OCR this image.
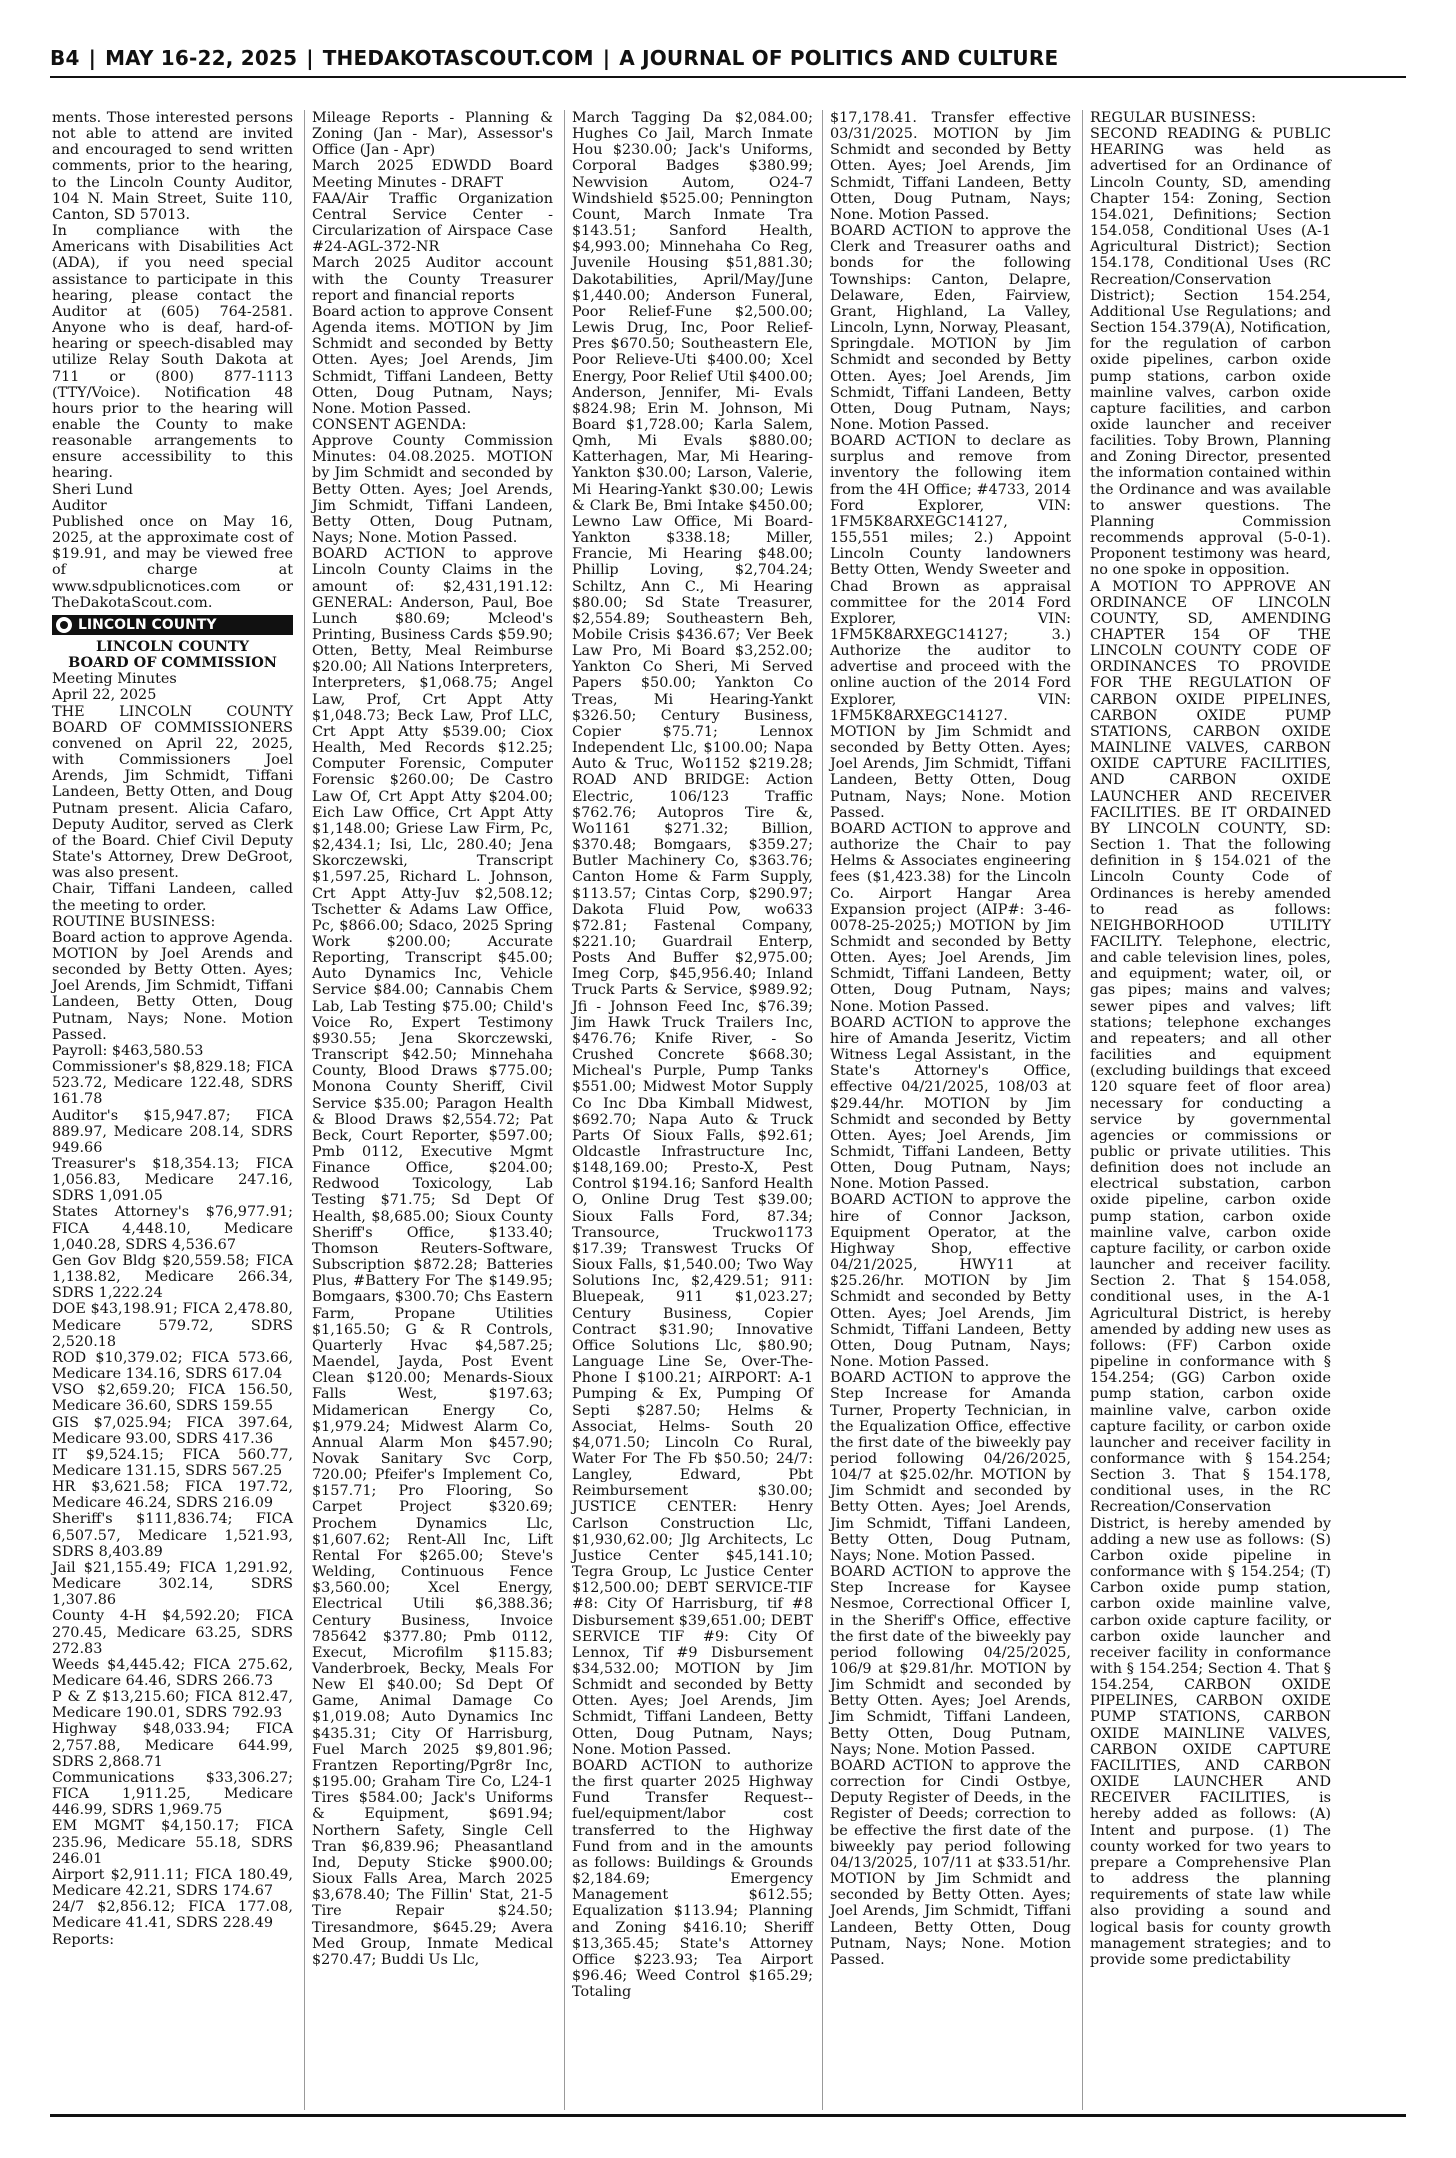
B4 | MAY 16-22, 2025 | THEDAKOTASCOUT.COM | A JOURNAL OF POLITICS AND CULTURE

ments. Those interested persons not able to attend are invited and encouraged to send written comments, prior to the hearing, to the Lincoln County Auditor, 104 N. Main Street, Suite 110, Canton, SD 57013.

In compliance with the Americans with Disabilities Act (ADA), if you need special assistance to participate in this hearing, please contact the Auditor at (605) 764-2581. Anyone who is deaf, hard-of-hearing or speech-disabled may utilize Relay South Dakota at 711 or (800) 877-1113 (TTY/Voice). Notification 48 hours prior to the hearing will enable the County to make reasonable arrangements to ensure accessibility to this hearing.

Sheri Lund

Auditor

Published once on May 16, 2025, at the approximate cost of $19.91, and may be viewed free of charge at www.sdpublicnotices.com or TheDakotaScout.com.

LINCOLN COUNTY

LINCOLN COUNTY

BOARD OF COMMISSION

Meeting Minutes

April 22, 2025

THE LINCOLN COUNTY BOARD OF COMMISSIONERS convened on April 22, 2025, with Commissioners Joel Arends, Jim Schmidt, Tiffani Landeen, Betty Otten, and Doug Putnam present. Alicia Cafaro, Deputy Auditor, served as Clerk of the Board. Chief Civil Deputy State's Attorney, Drew DeGroot, was also present.

Chair, Tiffani Landeen, called the meeting to order.

ROUTINE BUSINESS:

Board action to approve Agenda. MOTION by Joel Arends and seconded by Betty Otten. Ayes; Joel Arends, Jim Schmidt, Tiffani Landeen, Betty Otten, Doug Putnam, Nays; None. Motion Passed.

Payroll: $463,580.53

Commissioner's $8,829.18; FICA 523.72, Medicare 122.48, SDRS 161.78

Auditor's $15,947.87; FICA 889.97, Medicare 208.14, SDRS 949.66

Treasurer's $18,354.13; FICA 1,056.83, Medicare 247.16, SDRS 1,091.05

States Attorney's $76,977.91; FICA 4,448.10, Medicare 1,040.28, SDRS 4,536.67

Gen Gov Bldg $20,559.58; FICA 1,138.82, Medicare 266.34, SDRS 1,222.24

DOE $43,198.91; FICA 2,478.80, Medicare 579.72, SDRS 2,520.18

ROD $10,379.02; FICA 573.66, Medicare 134.16, SDRS 617.04

VSO $2,659.20; FICA 156.50, Medicare 36.60, SDRS 159.55

GIS $7,025.94; FICA 397.64, Medicare 93.00, SDRS 417.36

IT $9,524.15; FICA 560.77, Medicare 131.15, SDRS 567.25

HR $3,621.58; FICA 197.72, Medicare 46.24, SDRS 216.09

Sheriff's $111,836.74; FICA 6,507.57, Medicare 1,521.93, SDRS 8,403.89

Jail $21,155.49; FICA 1,291.92, Medicare 302.14, SDRS 1,307.86

County 4-H $4,592.20; FICA 270.45, Medicare 63.25, SDRS 272.83

Weeds $4,445.42; FICA 275.62, Medicare 64.46, SDRS 266.73

P & Z $13,215.60; FICA 812.47, Medicare 190.01, SDRS 792.93

Highway $48,033.94; FICA 2,757.88, Medicare 644.99, SDRS 2,868.71

Communications $33,306.27; FICA 1,911.25, Medicare 446.99, SDRS 1,969.75

EM MGMT $4,150.17; FICA 235.96, Medicare 55.18, SDRS 246.01

Airport $2,911.11; FICA 180.49, Medicare 42.21, SDRS 174.67

24/7 $2,856.12; FICA 177.08, Medicare 41.41, SDRS 228.49

Reports:

Mileage Reports - Planning & Zoning (Jan - Mar), Assessor's Office (Jan - Apr)

March 2025 EDWDD Board Meeting Minutes - DRAFT

FAA/Air Traffic Organization Central Service Center - Circularization of Airspace Case #24-AGL-372-NR

March 2025 Auditor account with the County Treasurer report and financial reports

Board action to approve Consent Agenda items. MOTION by Jim Schmidt and seconded by Betty Otten. Ayes; Joel Arends, Jim Schmidt, Tiffani Landeen, Betty Otten, Doug Putnam, Nays; None. Motion Passed.

CONSENT AGENDA:

Approve County Commission Minutes: 04.08.2025. MOTION by Jim Schmidt and seconded by Betty Otten. Ayes; Joel Arends, Jim Schmidt, Tiffani Landeen, Betty Otten, Doug Putnam, Nays; None. Motion Passed.

BOARD ACTION to approve Lincoln County Claims in the amount of: $2,431,191.12: GENERAL: Anderson, Paul, Boe Lunch $80.69; Mcleod's Printing, Business Cards $59.90; Otten, Betty, Meal Reimburse $20.00; All Nations Interpreters, Interpreters, $1,068.75; Angel Law, Prof, Crt Appt Atty $1,048.73; Beck Law, Prof LLC, Crt Appt Atty $539.00; Ciox Health, Med Records $12.25; Computer Forensic, Computer Forensic $260.00; De Castro Law Of, Crt Appt Atty $204.00; Eich Law Office, Crt Appt Atty $1,148.00; Griese Law Firm, Pc, $2,434.1; Isi, Llc, 280.40; Jena Skorczewski, Transcript $1,597.25, Richard L. Johnson, Crt Appt Atty-Juv $2,508.12; Tschetter & Adams Law Office, Pc, $866.00; Sdaco, 2025 Spring Work $200.00; Accurate Reporting, Transcript $45.00; Auto Dynamics Inc, Vehicle Service $84.00; Cannabis Chem Lab, Lab Testing $75.00; Child's Voice Ro, Expert Testimony $930.55; Jena Skorczewski, Transcript $42.50; Minnehaha County, Blood Draws $775.00; Monona County Sheriff, Civil Service $35.00; Paragon Health & Blood Draws $2,554.72; Pat Beck, Court Reporter, $597.00; Pmb 0112, Executive Mgmt Finance Office, $204.00; Redwood Toxicology, Lab Testing $71.75; Sd Dept Of Health, $8,685.00; Sioux County Sheriff's Office, $133.40; Thomson Reuters-Software, Subscription $872.28; Batteries Plus, #Battery For The $149.95; Bomgaars, $300.70; Chs Eastern Farm, Propane Utilities $1,165.50; G & R Controls, Quarterly Hvac $4,587.25; Maendel, Jayda, Post Event Clean $120.00; Menards-Sioux Falls West, $197.63; Midamerican Energy Co, $1,979.24; Midwest Alarm Co, Annual Alarm Mon $457.90; Novak Sanitary Svc Corp, 720.00; Pfeifer's Implement Co, $157.71; Pro Flooring, So Carpet Project $320.69; Prochem Dynamics Llc, $1,607.62; Rent-All Inc, Lift Rental For $265.00; Steve's Welding, Continuous Fence $3,560.00; Xcel Energy, Electrical Utili $6,388.36; Century Business, Invoice 785642 $377.80; Pmb 0112, Execut, Microfilm $115.83; Vanderbroek, Becky, Meals For New El $40.00; Sd Dept Of Game, Animal Damage Co $1,019.08; Auto Dynamics Inc $435.31; City Of Harrisburg, Fuel March 2025 $9,801.96; Frantzen Reporting/Pgr8r Inc, $195.00; Graham Tire Co, L24-1 Tires $584.00; Jack's Uniforms & Equipment, $691.94; Northern Safety, Single Cell Tran $6,839.96; Pheasantland Ind, Deputy Sticke $900.00; Sioux Falls Area, March 2025 $3,678.40; The Fillin' Stat, 21-5 Tire Repair $24.50; Tiresandmore, $645.29; Avera Med Group, Inmate Medical $270.47; Buddi Us Llc,

March Tagging Da $2,084.00; Hughes Co Jail, March Inmate Hou $230.00; Jack's Uniforms, Corporal Badges $380.99; Newvision Autom, O24-7 Windshield $525.00; Pennington Count, March Inmate Tra $143.51; Sanford Health, $4,993.00; Minnehaha Co Reg, Juvenile Housing $51,881.30; Dakotabilities, April/May/June $1,440.00; Anderson Funeral, Poor Relief-Fune $2,500.00; Lewis Drug, Inc, Poor Relief-Pres $670.50; Southeastern Ele, Poor Relieve-Uti $400.00; Xcel Energy, Poor Relief Util $400.00; Anderson, Jennifer, Mi- Evals $824.98; Erin M. Johnson, Mi Board $1,728.00; Karla Salem, Qmh, Mi Evals $880.00; Katterhagen, Mar, Mi Hearing-Yankton $30.00; Larson, Valerie, Mi Hearing-Yankt $30.00; Lewis & Clark Be, Bmi Intake $450.00; Lewno Law Office, Mi Board-Yankton $338.18; Miller, Francie, Mi Hearing $48.00; Phillip Loving, $2,704.24; Schiltz, Ann C., Mi Hearing $80.00; Sd State Treasurer, $2,554.89; Southeastern Beh, Mobile Crisis $436.67; Ver Beek Law Pro, Mi Board $3,252.00; Yankton Co Sheri, Mi Served Papers $50.00; Yankton Co Treas, Mi Hearing-Yankt $326.50; Century Business, Copier $75.71; Lennox Independent Llc, $100.00; Napa Auto & Truc, Wo1152 $219.28; ROAD AND BRIDGE: Action Electric, 106/123 Traffic $762.76; Autopros Tire &, Wo1161 $271.32; Billion, $370.48; Bomgaars, $359.27; Butler Machinery Co, $363.76; Canton Home & Farm Supply, $113.57; Cintas Corp, $290.97; Dakota Fluid Pow, wo633 $72.81; Fastenal Company, $221.10; Guardrail Enterp, Posts And Buffer $2,975.00; Imeg Corp, $45,956.40; Inland Truck Parts & Service, $989.92; Jfi - Johnson Feed Inc, $76.39; Jim Hawk Truck Trailers Inc, $476.76; Knife River, - So Crushed Concrete $668.30; Micheal's Purple, Pump Tanks $551.00; Midwest Motor Supply Co Inc Dba Kimball Midwest, $692.70; Napa Auto & Truck Parts Of Sioux Falls, $92.61; Oldcastle Infrastructure Inc, $148,169.00; Presto-X, Pest Control $194.16; Sanford Health O, Online Drug Test $39.00; Sioux Falls Ford, 87.34; Transource, Truckwo1173 $17.39; Transwest Trucks Of Sioux Falls, $1,540.00; Two Way Solutions Inc, $2,429.51; 911: Bluepeak, 911 $1,023.27; Century Business, Copier Contract $31.90; Innovative Office Solutions Llc, $80.90; Language Line Se, Over-The-Phone I $100.21; AIRPORT: A-1 Pumping & Ex, Pumping Of Septi $287.50; Helms & Associat, Helms- South 20 $4,071.50; Lincoln Co Rural, Water For The Fb $50.50; 24/7: Langley, Edward, Pbt Reimbursement $30.00; JUSTICE CENTER: Henry Carlson Construction Llc, $1,930,62.00; Jlg Architects, Lc Justice Center $45,141.10; Tegra Group, Lc Justice Center $12,500.00; DEBT SERVICE-TIF #8: City Of Harrisburg, tif #8 Disbursement $39,651.00; DEBT SERVICE TIF #9: City Of Lennox, Tif #9 Disbursement $34,532.00; MOTION by Jim Schmidt and seconded by Betty Otten. Ayes; Joel Arends, Jim Schmidt, Tiffani Landeen, Betty Otten, Doug Putnam, Nays; None. Motion Passed.

BOARD ACTION to authorize the first quarter 2025 Highway Fund Transfer Request--fuel/equipment/labor cost transferred to the Highway Fund from and in the amounts as follows: Buildings & Grounds $2,184.69; Emergency Management $612.55; Equalization $113.94; Planning and Zoning $416.10; Sheriff $13,365.45; State's Attorney Office $223.93; Tea Airport $96.46; Weed Control $165.29; Totaling

$17,178.41. Transfer effective 03/31/2025. MOTION by Jim Schmidt and seconded by Betty Otten. Ayes; Joel Arends, Jim Schmidt, Tiffani Landeen, Betty Otten, Doug Putnam, Nays; None. Motion Passed.

BOARD ACTION to approve the Clerk and Treasurer oaths and bonds for the following Townships: Canton, Delapre, Delaware, Eden, Fairview, Grant, Highland, La Valley, Lincoln, Lynn, Norway, Pleasant, Springdale. MOTION by Jim Schmidt and seconded by Betty Otten. Ayes; Joel Arends, Jim Schmidt, Tiffani Landeen, Betty Otten, Doug Putnam, Nays; None. Motion Passed.

BOARD ACTION to declare as surplus and remove from inventory the following item from the 4H Office; #4733, 2014 Ford Explorer, VIN: 1FM5K8ARXEGC14127, 155,551 miles; 2.) Appoint Lincoln County landowners Betty Otten, Wendy Sweeter and Chad Brown as appraisal committee for the 2014 Ford Explorer, VIN: 1FM5K8ARXEGC14127; 3.) Authorize the auditor to advertise and proceed with the online auction of the 2014 Ford Explorer, VIN: 1FM5K8ARXEGC14127. MOTION by Jim Schmidt and seconded by Betty Otten. Ayes; Joel Arends, Jim Schmidt, Tiffani Landeen, Betty Otten, Doug Putnam, Nays; None. Motion Passed.

BOARD ACTION to approve and authorize the Chair to pay Helms & Associates engineering fees ($1,423.38) for the Lincoln Co. Airport Hangar Area Expansion project (AIP#: 3-46-0078-25-2025;) MOTION by Jim Schmidt and seconded by Betty Otten. Ayes; Joel Arends, Jim Schmidt, Tiffani Landeen, Betty Otten, Doug Putnam, Nays; None. Motion Passed.

BOARD ACTION to approve the hire of Amanda Jeseritz, Victim Witness Legal Assistant, in the State's Attorney's Office, effective 04/21/2025, 108/03 at $29.44/hr. MOTION by Jim Schmidt and seconded by Betty Otten. Ayes; Joel Arends, Jim Schmidt, Tiffani Landeen, Betty Otten, Doug Putnam, Nays; None. Motion Passed.

BOARD ACTION to approve the hire of Connor Jackson, Equipment Operator, at the Highway Shop, effective 04/21/2025, HWY11 at $25.26/hr. MOTION by Jim Schmidt and seconded by Betty Otten. Ayes; Joel Arends, Jim Schmidt, Tiffani Landeen, Betty Otten, Doug Putnam, Nays; None. Motion Passed.

BOARD ACTION to approve the Step Increase for Amanda Turner, Property Technician, in the Equalization Office, effective the first date of the biweekly pay period following 04/26/2025, 104/7 at $25.02/hr. MOTION by Jim Schmidt and seconded by Betty Otten. Ayes; Joel Arends, Jim Schmidt, Tiffani Landeen, Betty Otten, Doug Putnam, Nays; None. Motion Passed.

BOARD ACTION to approve the Step Increase for Kaysee Nesmoe, Correctional Officer I, in the Sheriff's Office, effective the first date of the biweekly pay period following 04/25/2025, 106/9 at $29.81/hr. MOTION by Jim Schmidt and seconded by Betty Otten. Ayes; Joel Arends, Jim Schmidt, Tiffani Landeen, Betty Otten, Doug Putnam, Nays; None. Motion Passed.

BOARD ACTION to approve the correction for Cindi Ostbye, Deputy Register of Deeds, in the Register of Deeds; correction to be effective the first date of the biweekly pay period following 04/13/2025, 107/11 at $33.51/hr. MOTION by Jim Schmidt and seconded by Betty Otten. Ayes; Joel Arends, Jim Schmidt, Tiffani Landeen, Betty Otten, Doug Putnam, Nays; None. Motion Passed.

REGULAR BUSINESS:

SECOND READING & PUBLIC HEARING was held as advertised for an Ordinance of Lincoln County, SD, amending Chapter 154: Zoning, Section 154.021, Definitions; Section 154.058, Conditional Uses (A-1 Agricultural District); Section 154.178, Conditional Uses (RC Recreation/Conservation District); Section 154.254, Additional Use Regulations; and Section 154.379(A), Notification, for the regulation of carbon oxide pipelines, carbon oxide pump stations, carbon oxide mainline valves, carbon oxide capture facilities, and carbon oxide launcher and receiver facilities. Toby Brown, Planning and Zoning Director, presented the information contained within the Ordinance and was available to answer questions. The Planning Commission recommends approval (5-0-1). Proponent testimony was heard, no one spoke in opposition.

A MOTION TO APPROVE AN ORDINANCE OF LINCOLN COUNTY, SD, AMENDING CHAPTER 154 OF THE LINCOLN COUNTY CODE OF ORDINANCES TO PROVIDE FOR THE REGULATION OF CARBON OXIDE PIPELINES, CARBON OXIDE PUMP STATIONS, CARBON OXIDE MAINLINE VALVES, CARBON OXIDE CAPTURE FACILITIES, AND CARBON OXIDE LAUNCHER AND RECEIVER FACILITIES. BE IT ORDAINED BY LINCOLN COUNTY, SD: Section 1. That the following definition in § 154.021 of the Lincoln County Code of Ordinances is hereby amended to read as follows: NEIGHBORHOOD UTILITY FACILITY. Telephone, electric, and cable television lines, poles, and equipment; water, oil, or gas pipes; mains and valves; sewer pipes and valves; lift stations; telephone exchanges and repeaters; and all other facilities and equipment (excluding buildings that exceed 120 square feet of floor area) necessary for conducting a service by governmental agencies or commissions or public or private utilities. This definition does not include an electrical substation, carbon oxide pipeline, carbon oxide pump station, carbon oxide mainline valve, carbon oxide capture facility, or carbon oxide launcher and receiver facility. Section 2. That § 154.058, conditional uses, in the A-1 Agricultural District, is hereby amended by adding new uses as follows: (FF) Carbon oxide pipeline in conformance with § 154.254; (GG) Carbon oxide pump station, carbon oxide mainline valve, carbon oxide capture facility, or carbon oxide launcher and receiver facility in conformance with § 154.254; Section 3. That § 154.178, conditional uses, in the RC Recreation/Conservation District, is hereby amended by adding a new use as follows: (S) Carbon oxide pipeline in conformance with § 154.254; (T) Carbon oxide pump station, carbon oxide mainline valve, carbon oxide capture facility, or carbon oxide launcher and receiver facility in conformance with § 154.254; Section 4. That § 154.254, CARBON OXIDE PIPELINES, CARBON OXIDE PUMP STATIONS, CARBON OXIDE MAINLINE VALVES, CARBON OXIDE CAPTURE FACILITIES, AND CARBON OXIDE LAUNCHER AND RECEIVER FACILITIES, is hereby added as follows: (A) Intent and purpose. (1) The county worked for two years to prepare a Comprehensive Plan to address the planning requirements of state law while also providing a sound and logical basis for county growth management strategies; and to provide some predictability
